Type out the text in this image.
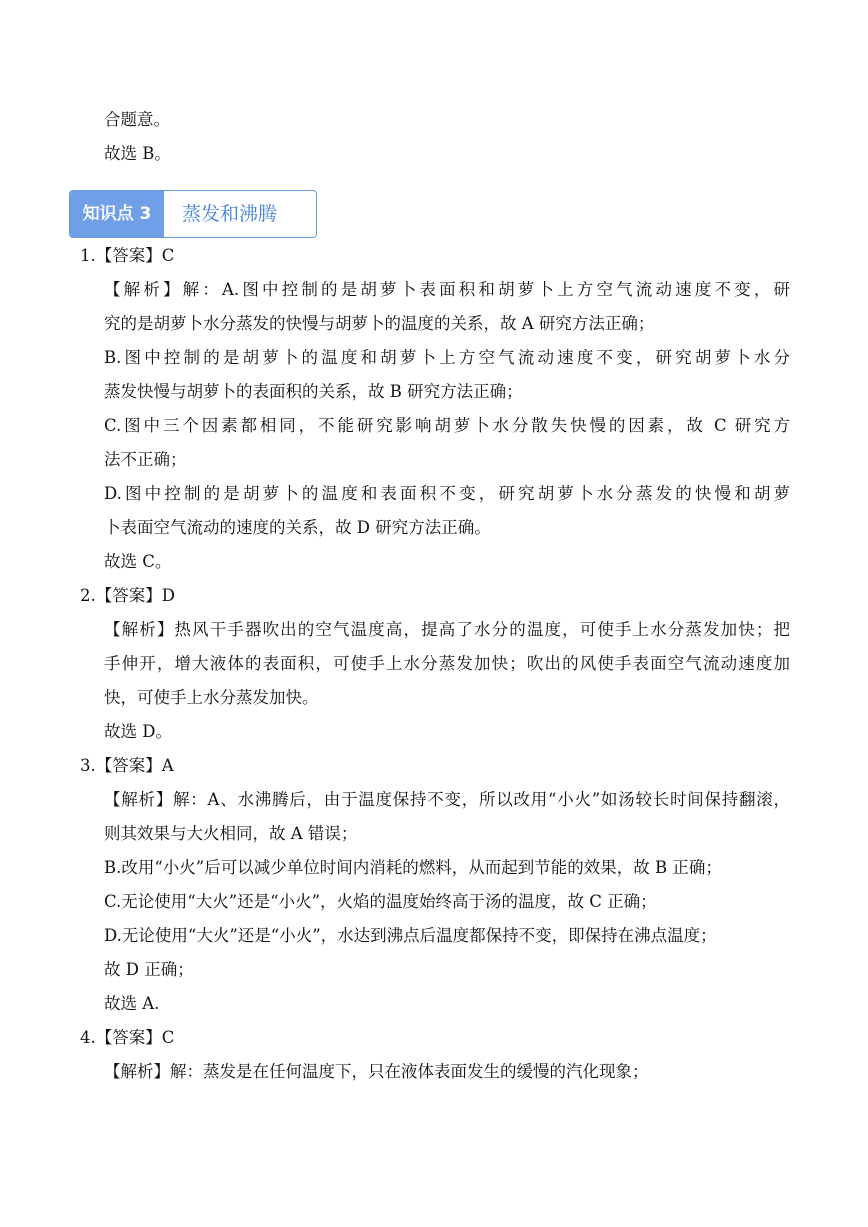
合题意。
故选 B。
知识点 3	蒸发和沸腾
1.【答案】C
【解析】解：A.图中控制的是胡萝卜表面积和胡萝卜上方空气流动速度不变，研
究的是胡萝卜水分蒸发的快慢与胡萝卜的温度的关系，故 A 研究方法正确；
B.图中控制的是胡萝卜的温度和胡萝卜上方空气流动速度不变，研究胡萝卜水分
蒸发快慢与胡萝卜的表面积的关系，故 B 研究方法正确；
C.图中三个因素都相同，不能研究影响胡萝卜水分散失快慢的因素，故 C 研究方
法不正确；
D.图中控制的是胡萝卜的温度和表面积不变，研究胡萝卜水分蒸发的快慢和胡萝
卜表面空气流动的速度的关系，故 D 研究方法正确。
故选 C。
2.【答案】D
【解析】热风干手器吹出的空气温度高，提高了水分的温度，可使手上水分蒸发加快；把
手伸开，增大液体的表面积，可使手上水分蒸发加快；吹出的风使手表面空气流动速度加
快，可使手上水分蒸发加快。
故选 D。
3.【答案】A
【解析】解：A、水沸腾后，由于温度保持不变，所以改用“小火”如汤较长时间保持翻滚，
则其效果与大火相同，故 A 错误；
B.改用“小火”后可以减少单位时间内消耗的燃料，从而起到节能的效果，故 B 正确；
C.无论使用“大火”还是“小火”，火焰的温度始终高于汤的温度，故 C 正确；
D.无论使用“大火”还是“小火”，水达到沸点后温度都保持不变，即保持在沸点温度；
故 D 正确；
故选 A.
4.【答案】C
【解析】解：蒸发是在任何温度下，只在液体表面发生的缓慢的汽化现象；
